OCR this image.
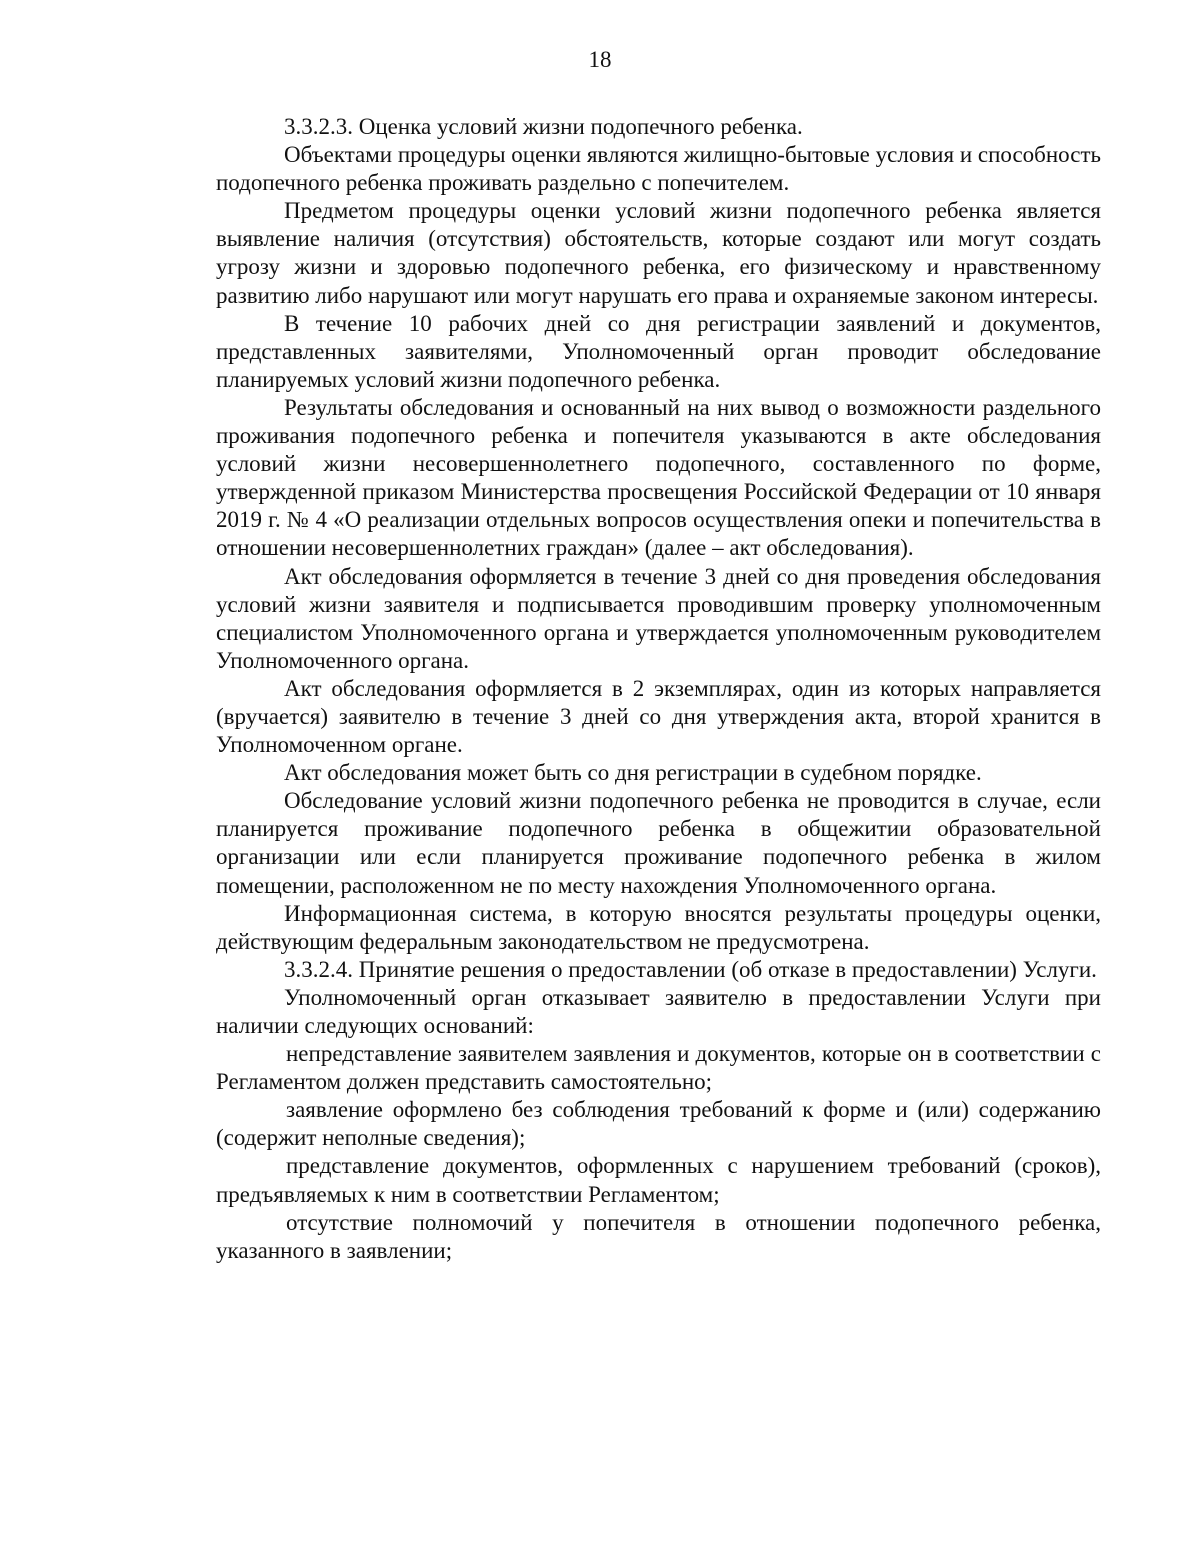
18

3.3.2.3. Оценка условий жизни подопечного ребенка.

Объектами процедуры оценки являются жилищно-бытовые условия и способность подопечного ребенка проживать раздельно с попечителем.

Предметом процедуры оценки условий жизни подопечного ребенка является выявление наличия (отсутствия) обстоятельств, которые создают или могут создать угрозу жизни и здоровью подопечного ребенка, его физическому и нравственному развитию либо нарушают или могут нарушать его права и охраняемые законом интересы.

В течение 10 рабочих дней со дня регистрации заявлений и документов, представленных заявителями, Уполномоченный орган проводит обследование планируемых условий жизни подопечного ребенка.

Результаты обследования и основанный на них вывод о возможности раздельного проживания подопечного ребенка и попечителя указываются в акте обследования условий жизни несовершеннолетнего подопечного, составленного по форме, утвержденной приказом Министерства просвещения Российской Федерации от 10 января 2019 г. № 4 «О реализации отдельных вопросов осуществления опеки и попечительства в отношении несовершеннолетних граждан» (далее – акт обследования).

Акт обследования оформляется в течение 3 дней со дня проведения обследования условий жизни заявителя и подписывается проводившим проверку уполномоченным специалистом Уполномоченного органа и утверждается уполномоченным руководителем Уполномоченного органа.

Акт обследования оформляется в 2 экземплярах, один из которых направляется (вручается) заявителю в течение 3 дней со дня утверждения акта, второй хранится в Уполномоченном органе.

Акт обследования может быть со дня регистрации в судебном порядке.

Обследование условий жизни подопечного ребенка не проводится в случае, если планируется проживание подопечного ребенка в общежитии образовательной организации или если планируется проживание подопечного ребенка в жилом помещении, расположенном не по месту нахождения Уполномоченного органа.

Информационная система, в которую вносятся результаты процедуры оценки, действующим федеральным законодательством не предусмотрена.

3.3.2.4. Принятие решения о предоставлении (об отказе в предоставлении) Услуги.

Уполномоченный орган отказывает заявителю в предоставлении Услуги при наличии следующих оснований:

непредставление заявителем заявления и документов, которые он в соответствии с Регламентом должен представить самостоятельно;

заявление оформлено без соблюдения требований к форме и (или) содержанию (содержит неполные сведения);

представление документов, оформленных с нарушением требований (сроков), предъявляемых к ним в соответствии Регламентом;

отсутствие полномочий у попечителя в отношении подопечного ребенка, указанного в заявлении;
